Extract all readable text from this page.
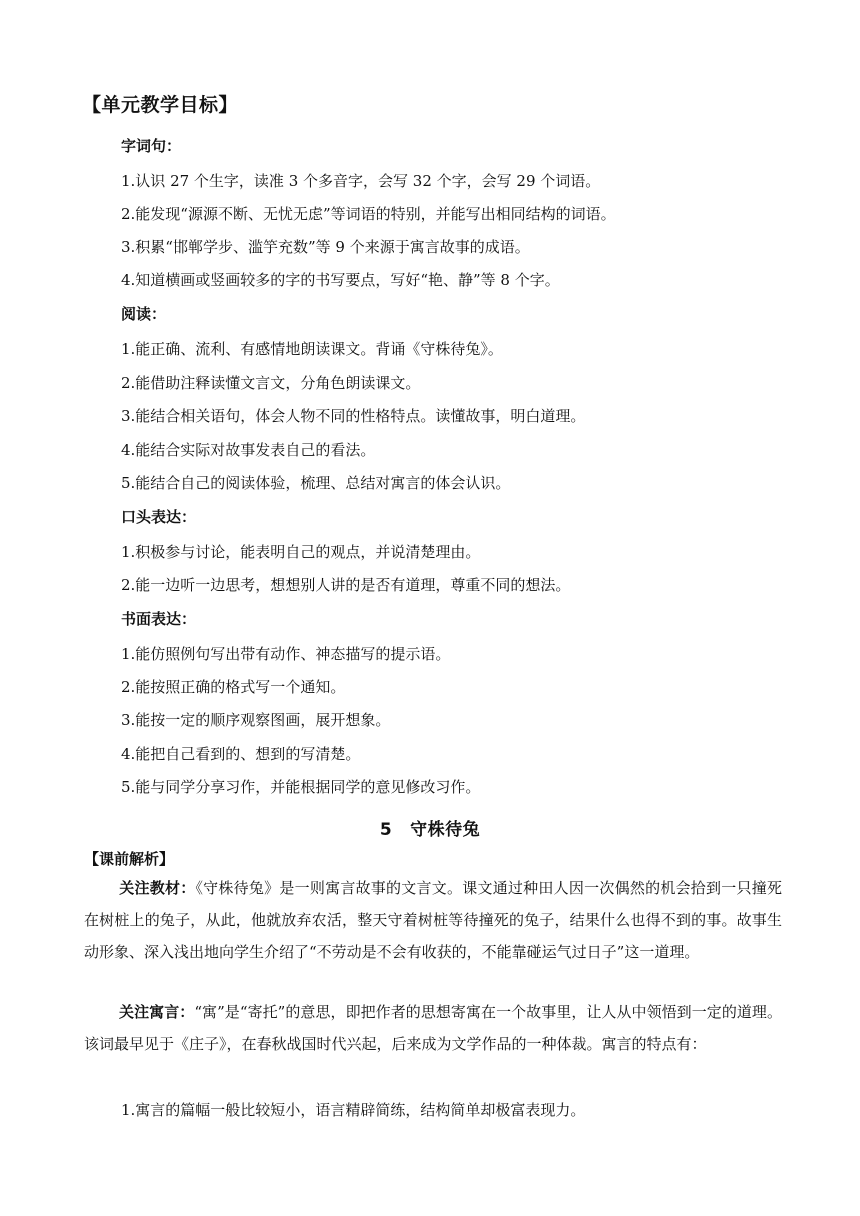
【单元教学目标】
字词句：
1.认识 27 个生字，读准 3 个多音字，会写 32 个字，会写 29 个词语。
2.能发现“源源不断、无忧无虑”等词语的特别，并能写出相同结构的词语。
3.积累“邯郸学步、滥竽充数”等 9 个来源于寓言故事的成语。
4.知道横画或竖画较多的字的书写要点，写好“艳、静”等 8 个字。
阅读：
1.能正确、流利、有感情地朗读课文。背诵《守株待兔》。
2.能借助注释读懂文言文，分角色朗读课文。
3.能结合相关语句，体会人物不同的性格特点。读懂故事，明白道理。
4.能结合实际对故事发表自己的看法。
5.能结合自己的阅读体验，梳理、总结对寓言的体会认识。
口头表达：
1.积极参与讨论，能表明自己的观点，并说清楚理由。
2.能一边听一边思考，想想别人讲的是否有道理，尊重不同的想法。
书面表达：
1.能仿照例句写出带有动作、神态描写的提示语。
2.能按照正确的格式写一个通知。
3.能按一定的顺序观察图画，展开想象。
4.能把自己看到的、想到的写清楚。
5.能与同学分享习作，并能根据同学的意见修改习作。
5 守株待兔
【课前解析】

关注教材：《守株待兔》是一则寓言故事的文言文。课文通过种田人因一次偶然的机会拾到一只撞死在树桩上的兔子，从此，他就放弃农活，整天守着树桩等待撞死的兔子，结果什么也得不到的事。故事生动形象、深入浅出地向学生介绍了“不劳动是不会有收获的，不能靠碰运气过日子”这一道理。

关注寓言：“寓”是“寄托”的意思，即把作者的思想寄寓在一个故事里，让人从中领悟到一定的道理。该词最早见于《庄子》，在春秋战国时代兴起，后来成为文学作品的一种体裁。寓言的特点有：

1.寓言的篇幅一般比较短小，语言精辟简练，结构简单却极富表现力。
